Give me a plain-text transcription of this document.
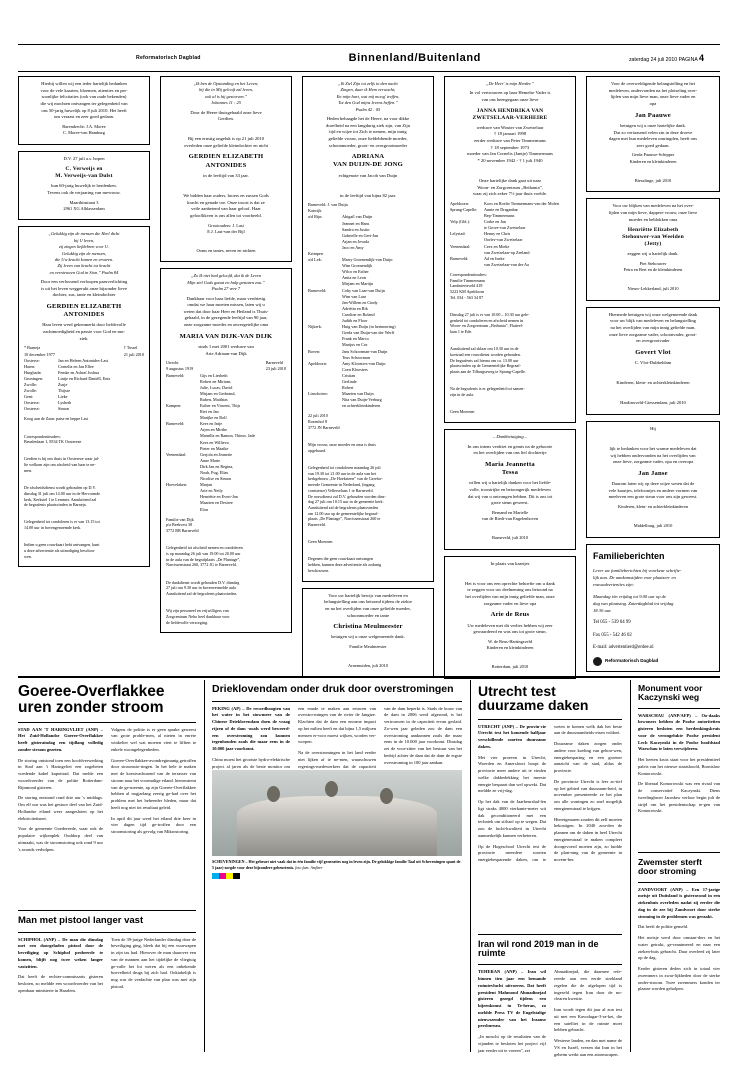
Reformatorisch Dagblad	Binnenland/Buitenland	zaterdag 24 juli 2010 PAGINA 4

Hierbij willen wij een ieder hartelijk bedanken
voor de vele kaarten, bloemen, attenties en per-
soonlijke felicitaties (ook van oude bekenden)
die wij mochten ontvangen ter gelegenheid van
ons 50-jarig huwelijk op 8 juli 2010. Het heeft
ons veraast en zeer goed gedaan.

Barendrecht: J.A. Moree
C. Moree-van Hamburg

D.V. 27 juli a.s. hopen

C. Verweijs en
M. Verweijs-van Dulst

hun 60-jarig huwelijk te herdenken.
Tevens ook de verjaaring van mevrouw.

Maarthinstraat 3
2961 XG Alblasserdam

„Gelukkig zijn de mensen die Heel dicht
bij U leven,
zij zingen liefdebren voor U.
Gelukkig zijn de mensen,
die Uw kracht komen en ervaren.
Zij leven van kracht tot kracht
en vernieuwen God in Sion.” Psalm 84

Door een verlossend verloopen paasverlichting
is uit het leven weggerukt onze bijzonder lieve
dochter, zus, tante en kleindochter

GERDIEN ELIZABETH
ANTONIDES

Haar leven werd gekenmerkt door liefdevolle
zachtmoedigheid en passie voor God en mu-
ziek.

* Barneja
10 december 1977
† Tossel
21 juli 2010
Oosterse:	Jan en Heleen Antonides-Last
Haren:	Cornelia en Jan Ellee
Hurghada:	Femke en Ashraf Joshua
Groningen:	Lintje en Richard Daniëll, Enis
Zwolle:	Zusje
Zwolle:	Thijsse
Gent:	Lieke
Oosterse:	Lysbeth
Oosterse:	Simon

Koog aan de Zaan: paise en beppe Last

Correspondentieadres:
Beuzlenlaan 1, 8534 TK Oostereze

Gerdien is bij ons thuis in Oostereze waar jul-
lie welkom zijn om afscheid van haar te ne-
men.

De afscheidsdienst wordt gehouden op D.V.
dinsdag 31 juli om 14.00 uur in de Hervormde
kerk, Kerkstel 1 te Lemmer. Aansluitend zal
de begrafenis plaatsvinden in Barneja.

Gelegenheid tot condoleren is er van 13.15 tot
14.00 uur in bovengenoemde kerk.

Indien u geen rouwkaart hebt ontvangen, kunt
u deze advertentie als uitnodiging beschou-
wen.

„Ik ben de Opstanding en het Leven;
bij die in Mij gelooft zal leven,
ook al is hij gestorven.”
Johannes 11 : 25

Door de Heere thuisgehaald onze lieve
Gerdien.

Bij een ernstig ongeluk is op 21 juli 2010
overleden onze geliefde kleindochter en nicht

GERDIEN ELIZABETH
ANTONIDES

in de leeftijd van 33 jaar.

We bidden haar ouders, broers en zussen Gods
kracht en genade toe. Onze troost is dat ze
veile aanbetend van haar geloof. Haar
gelooflikven is ons allen tot voorbeeld.

Grootouders: J. Last
E.J. Last-van der Bijl

Ooms en tantes, neven en nichten

„Zo lk niet had geloofd, dat ik de Leven
Mijn ziel Gods gaaat en hulp gestaten zou.”
Psalm 27 vere 7

Dankbaar voor haar liefde, maar verdrietig
omdat we haar moeten missen, laten wij u
weten dat door haar Heer en Heiland is Thuis-
gehaald, in de gezegende leeftijd van 90 jaar,
onze zorgzame moeder en onvergetelijke oma

MARIA VAN DIJK-VAN DIJK

sinds 1 mei 2001 weduwe van
Arie Adriaan-van Dijk

Utrecht
9 augustus 1919
Barneveld
23 juli 2010
Barneveld:	Gijs en Liesbeth
Robert en Miriam,
Julie, Lucas, David
Mirjam en Gerbrand,
Ruben, Matthias
Kampen:	Esther en Vincent, Thijs
Riet en Jan
Marijke en Rolf
Barneveld:	Kees en Intje
Arjen en Mirthe
Marnilla en Ramon, Thimo, Jade
Kees en Willieva
Pieter en Maaike
Veenendaal:	Gerjola en Jeanette
Anne Marie
Dirk Jan en Regina,
Noah, Pug, Elias
Nicolise en Simon
Hoevelaken:	Marjan
Arie en Neily
Henriëtte en Evert-Jan
Maarten en Desiree
Elon

Familie van Dijk
p/a Beekvest 38
3772 RB Barneveld

Gelegenheid tot afscheid nemen en condoleren
is op maandag 26 juli van 19.00 tot 20.00 uur
in de aula van de begrafplaats „De Plantage”,
Narcissenstraat 260, 3772 JG te Barneveld.

De dankdienst wordt gehouden D.V. dinsdag
27 juli om 9.30 uur in bovenvermelde aula
Aansluitend zal de begrafenis plaatsvinden.

Wij zijn personeel en vrijwilligers van
Zorgcentrum Neho heel dankbaar voor
de liefdevolle verzorging.

„Ik Ziel Zijn tot zelfs in den nacht
Zingen, daar ik Hem verwacht;
En mijn hart, wat mij moog' treffen,
Tot den God mijns levens heffen.”
Psalm 42 : 05

Heden behaagde het de Heere, na voor dikke
droefheid na een langdurig ziek zijn, van Zijn
tijd en wijze tot Zich te nemen, mijn innig
geliefde vrouw, onze liefdebbende moeder,
schoonmoeder, groot- en overgrootmoeder

ADRIANA
VAN DUIJN-DE JONG

echtgenote van Jacob van Duijn

in de leeftijd van bijna 82 jaar.

Barneveld: J. van Duijn
Katwijk

a/d Rijn:	Abigaïl van Duijn
Jeannet en Hans
Sandra en Justin
Gabrielle en Gert-Jan
Arjan en Jevada
Jaco en Amy
Krimpen

a/d Lek:	Marry Groenendijk-van Duijn
Wim Groenendijk
Wilco en Esther
Anita en Leon
Mirjam en Martijn
Barneveld:	Coby van Laar-van Duijn
Wim van Laar
Jan-Willem en Cindy
Adriëtta en Rik
Caroline en Roland
Judith en Floor
Nijkerk:	Huig van Duijn (in herinnering)
Gerda van Duijn-van der Werff
Frank en Marco
Marijus en Cor
Boven:	Jans Schoorman-van Duijn
Teus Schoorman
Apeldoorn:	Amy Kloosters-van Duijn
Coen Kloosters
Cristian
Gerlinde
Robert
Linschoten:	Maarten van Duijn
Nita van Duijn-Verburg
en achterkleinkinderen

22 juli 2010
Rozenhof 8
3772 JN Barneveld

Mijn vrouw, onze moeder en oma is thuis
opgebaard.

Gelegenheid tot condoleren maandag 26 juli
van 19.30 tot 21.00 uur in de aula van het
kerkgebouw „De Hoeksteen” van de Gerefor-
meerde Gemeente in Nederland, (ingang
conistence) Vellerselaan 1 te Barneveld.
De rouwdienst zal D.V. gehouden worden dins-
dag 27 juli om 10.15 uur in de gemeente kerk.
Aansluitend zal de begrafenis plaatsvinden
om 12.00 uur op de gemeentelijke begraaf-
plaats „De Plantage”, Narcissenstraat 260 te
Barneveld.

Geen Moernen

Degenen die geen rouwkaart ontvangen
hebben, kunnen deze advertentie als zodanig
beschouwen.

Voor uw hartelijk bewijs van medeleven en
belangstelling aan ons betoond tijdens de ziekte
en na het overlijden van onze geliefde moeder,
schoonmoeder en tante

Christina Meulmeester

betuigen wij u onze welgemeende dank.

Familie Meulmeester

Arnemuiden, juli 2010

„De Heer' is mijn Herder.”

In vol vertrouwen op haar Hemelse Vader is
van ons heengegaan onze lieve

JANNA HENDRIKA VAN
ZWETSELAAR-VERHEIRE

weduwe van Wouter van Zwetselaar
† 18 januari 1998
eerder weduwe van Peter Timmermans
† 18 september 1973
moeder van Jan Cornelis (Jantje) Timmermans
* 20 november 1942 - † 1 juli 1940

Onze hartelijke dank gaat uit naar
Woon- en Zorgcentrum „Bethania”,
waar zij zich zeker 7½ jaar thuis voelde.

Apeldoorn:	Koos en Roelie Timmermans-van der Molen
Sprang-Capelle:	Annie en Draganbar
Bep-Timmermans
Velp (Gld.):	Corke en Jan
te Grove-van Zwetselaar
Lelystad:	Henny en Chris
Oorlev-van Zwetselaar
Veenendaal:	Ceex en Mieke
van Zwetselaar-op Zeeland
Barneveld:	Ad en Ineke
van Zwetselaar-van der Aa

Correspondentieadres:
Familie Timmermans
Lambstertsveld 418
5223 KM Apeldoorn
Tel. 034 - 563 34 87

Dinsdag 27 juli is er van 10.00 – 10.30 uur gele-
genheid tot condoleren en afscheid nemen in
Woon- en Zorgcentrum „Bethania”, Flatteel-
laan 1 te Ede.

Aansluitend zal sklaar om 10.30 uur in de
koetzaal een rouwdienst worden gehouden.
De begrafenis zal hierna om ca. 13.00 uur
plaatsvinden op de Gemeentelijke Begraaf-
plaats aan de Tilburgseweg te Sprang-Capelle.

Na de begrafenis is er gelegenheid tot samen-
zijn in de aula.

Geen Moernen

– Dankbetuiging –

In ons intens verdriet en gemis na de geboorte
en het overlijden van ons lief dochtertje

Maria Jeannetta
Tessa

willen wij u hartelijk danken voor het liefde-
volle, troostrijke en betoongerijk medeleven
dat wij van u ontvangen hebben. Dit is ons tot
grote steun geweest.

Bernand en Marielle
van de Riedt-van Engelenhoven

Barneveld, juli 2010

In plaats van kaartjes

Het is voor ons een oprechte behoefte om u dank
te zeggen voor uw deelneming ons betoond na
het overlijden van mijn innig geliefde man, onze
zorgzame vader en lieve opa

Arie de Reus

Uw medeleven met dit verlies hebben wij zeer
gewaardeerd en was ons tot grote steun.

W. de Reus-Hartingsveld
Kinderen en kleinkinderen

Rotterdam, juli 2010

Voor de overweldigende belangstelling en het
medeleven, ondervonden na het plotseling over-
lijden van mijn lieve man, onze lieve vader en
opa

Jan Paauwe

betuigen wij u onze hartelijke dank.
Dat zo veriaasend velen zin in deze droeve
dagen met hun medeleven omringden, heeft ons
zeer goed gedaan.

Gerda Paauwe-Schipper
Kinderen en kleinkinderen

Bieszlinge, juli 2010

Voor uw blijken van medeleven na het over-
lijden van mijn lieve, dappere vrouw, onze lieve
moeder en behlokken oma

Henriëtte Elizabeth
Stehouwer-van Weelden
(Jetty)

zeggen wij u hartelijk dank.

Piet Stehouwer
Petra en Bert en de kleinkinderen

Nieuw-Lekkerland, juli 2010

Hiermede betuigen wij onze welgemeende dank
voor uw blijk van medeleven en belangstelling
na het overlijden van mijn innig geliefde man,
onze lieve zorgzame vader, schoonvader, groot-
en overgrootvader

Govert Vlot

C. Vlot-Dubbeldam

Kinderen, klein- en achterkleinkinderen

Hardinxveld-Giessendam, juli 2010

Hij

lijk te bedanken voor het warme medeleven dat
wij hebben ondervonden na het overlijden van
onze lieve, zorgzame vader, opa en overopa

Jan Janse

Daarom laten wij op deze wijze weten dat de
vele kaartjes, telefoontjes en andere vormen van
meeleven een grote steun voor ons zijn geweest.

Kinderen, klein- en achterkleinkinderen

Middelburg, juli 2010

Familieberichten
Lever uw familieberichten bij voorkeur schrifte-
lijk aan. De aankomstijden voor plaatsen- en
rouwadvertenties zijn:
Maandag t/m vrijdag tot 9.00 uur op de
dag van plaatsing. Zaterdagblad tot vrijdag
18.30 uur.
Tel 055 - 539 04 99
Fax 055 - 542 46 02
E-mail: advertentierd@erdee.nl
Reformatorisch Dagblad
Goeree-Overflakkee
uren zonder stroom

STAD AAN 'T HARINGVLIET (ANP) – Het Zuid-Hollandse Goeree-Overflakkee heeft gisteraindag een tijdlang volledig zonder stroom gezeten.

De storing ontstond toen een hoofdverwerking in Stad aan 't Haringvliet een zogeheten voedende kabel kapottrad. Dat melde een woordvoerder van de politie Rotterdam-Rijnmond gisteren.

De storing ontstond rond drie uur 's middags. Om elf uur was het gestoor deel van het Zuid-Hollandse eiland weer aangesloten op het elektriciteitsnet.

Voor de gemeente Goedereede, waar ook de populaire wijkenplek Ouddorp deel van uitmaakt, was de stroomstoring ook rond 9 uur 's avonds verholpen.

Volgens de politie is er geen sprake geweest van grote proble-men, al nieten in enrete winkelier wel wat moeten viert te lifften te enkele woongelegenheden.

Goeree-Overflakkee-avondregimanig getroffen door stroomsto-ringen. In het hele te maken met de koestvachurend van de terrasser van stroom naar het voormalige eiland. hieromtrent van de ge-meente, ap zijn Goeree-Overflakkee hebben al nogjarlang zeerig ge-had over het problem met het beheerder bleden, maar dat heeft nog niet tot resultaat geleid.

In april dit jaar werd het eiland drie keer in vier dagen tijd ge-troffen door een stroomstoring als gevolg van Mikrostoring.

Man met pistool langer vast

SCHIPHOL (ANP) – De man die dinsdag met een doorgeladen pistool door de beveiliging op Schiphol probeerde te komen, blijft nog twee weken langer vastzitten.

Dat heeft de rechter-commissaris gisteren besloten, zo meldde een woordvoerder van het openbaar ministerie in Haarlem.

Toen de 39-jarige Nederlander dinsdag door de beveiliging ging, bleek dat hij een vuurwapen in zijn tas had. Hierover de man daarover een van de mannen aan het tijdelijke de vliegtuig ge-valle het lot weren als een onbekende boevelheid drugs bij zich had. Ooktabelijk is nog war de verdachte van plan was met zijn pistool.

Drieklovendam onder druk door overstromingen

PEKING (AP) – De recordhoogten van het water in het stuwmeer van de Chinese Drieklovendam doen de vraag rijzen of de dam -ooals werd beweerd- een overstroming zou kunnen tegenhouden zoals die maar eens in de 10.000 jaar voorkomt.

China moest het grootste hydro-elektrische project al jaren als de beste monitor om een enude te maken aan eeuwen van overstro-mingen van de rivier de Jangtze. Klachten dat de dam een enorme impact op het milieu heeft en dat bijna 1,5 miljoen mensen er-voor moest wijken, worden ver-worpen.

Na de overstromingen in het land eerder niet lijken af te ne-men, waarschuwen regerings-medewerkers dat de capaciteit van de dam beperkt is. Stads de bouw van de dam in 2006 werd afgerond, is het vertrouwen in de capaciteit ervan geslaid. Zo-wen jaar geleden zou de dam een overstroming aankunnen zoals die maar eens in de 10.000 jaar voorkomt. Dinsdag zei de voor-zitter van het bestuur van het bedrijf achter de dam dat de dam de ergste overstroming in 100 jaar aankan.

SCHEVENINGEN – Het gebeurt niet vaak dat in één familie vijf generaties nog in leven zijn. De gelukkige familie Taal uit Scheveningen spant de 5 jaar) zorgde voor deze bijzondere gebeurtenis. foto fam. Amfirer
Utrecht test
duurzame daken

UTRECHT (ANP) – De provin-cie Utrecht test het komende halfjaar verschillende soorten duurzame daken.

Met vier proeven in Utrecht, Woerden en Amersfoort hoopt de provincie meer andere uit te vinden welke dakbedekking het meeste energie bespaart dan wel opwekt. Dat meldde ze vrij-dag.

Op het dak van de Jaarbeurshal-len ligt straks 4000 vierkante-meter wit dak geconditioneerd met een techniek om stilstof op te wegen. Dat zou de lucht-kwaliteit in Utrecht aanmerkelijk kunnen verbeteren.

Op de Hogeschool Utrecht test de provincie meerdere soorten energiebesparende daken, om te weten te komen welk dak het beste aan de duurzaamheids-eisen voldoet.

Duurzame daken zorgen onder andere voor koeling van gebou-wen, energiebesparing en een groener aanzicht van de stad, aldus de provincie.

De provincie Utrecht is leer ac-tief op het gebied van duurzaam-heid, in november presenteerde ze het plan om alle woningen zo snel mogelijk energieneutraal te krijgen.

Hiereigenaren zouden dit zelf moeten bekostigen. In 2040 zou-den de plannen om de daken in heel Utrecht energieneutraal te maken compleet doorgevoerd moeten zijn, zo luidde de plan-ning van de gemeente in novem-ber.

Iran wil rond 2019 man in de ruimte

TEHERAN (ANP) – Iran wil binnen tien jaar een bemande ruimtevlucht uitvoeren. Dat heeft president Mahmoud Ahmadinejad gisteren gezegd tijdens een bijeenkomst in Te-heran, zo meldde Press TV de Engelstalige nieuwszender van het Iraanse persbureau.

„In moschi op de resultaten van de vijanden te besloten het project vijf jaar eerder uit te voeren", zei

Ahmadinejad, die daarmee refe-reerde aan een eerde strekland regelen die de afgelopen tijd is ingeseld tegen Iran door de nu-clearen kwestie.

Iran wordt tegen dit jaar al zon test uit met een Kavodugar-3-ra-ket, die een satelliet in de ruimte moet hebben gebracht.

Westerse landen, en dan met name de VS en Israël, vrezen dat Iran in het geheim werkt aan een atoomwapen.

Monument voor
Kaczynski weg

WARSCHAU (ANP/AFP) – Oo-daaks bewoners hebben de Poolse autoriteiten gisteren besloten een herdenkingskruis voor de verongelukte Poolse president Lech Kaczynski in de Poolse hoofdstad Warschau te laten verwijderen.

Het heeten kruis staat voor het presidentieel paleis van het nieuwe staatshoofd, Bronislaw Komorowski.

De liberaal Komorowski was een rivaal van de conservatief Kaczynski. Diens tweelingbroer Jarosław verloor begin juli de strijd om het presidentschap te-gen van Komorowski.

Zwemster sterft
door stroming

ZANDVOORT (ANP) – Een 17-jarige meisje uit Duitsland is gisteravond in een ziekenhuis overleden nadat zij eerder die dag in de zee bij Zandvoort door sterke stroming in de problemen was geraakt.

Dat heeft de politie gemeld.

Het meisje werd door omstan-ders en het water getrokt, ge-reanimeerd en naar een zieken-huis gebracht. Daar overleed zij later op de dag.

Eerder gisteren deden zich in totaal vier zwemmers in zwar-lijkheden door de sterke onder-stroom. Twee zwemmers konden ter plaatse worden geholpen.
